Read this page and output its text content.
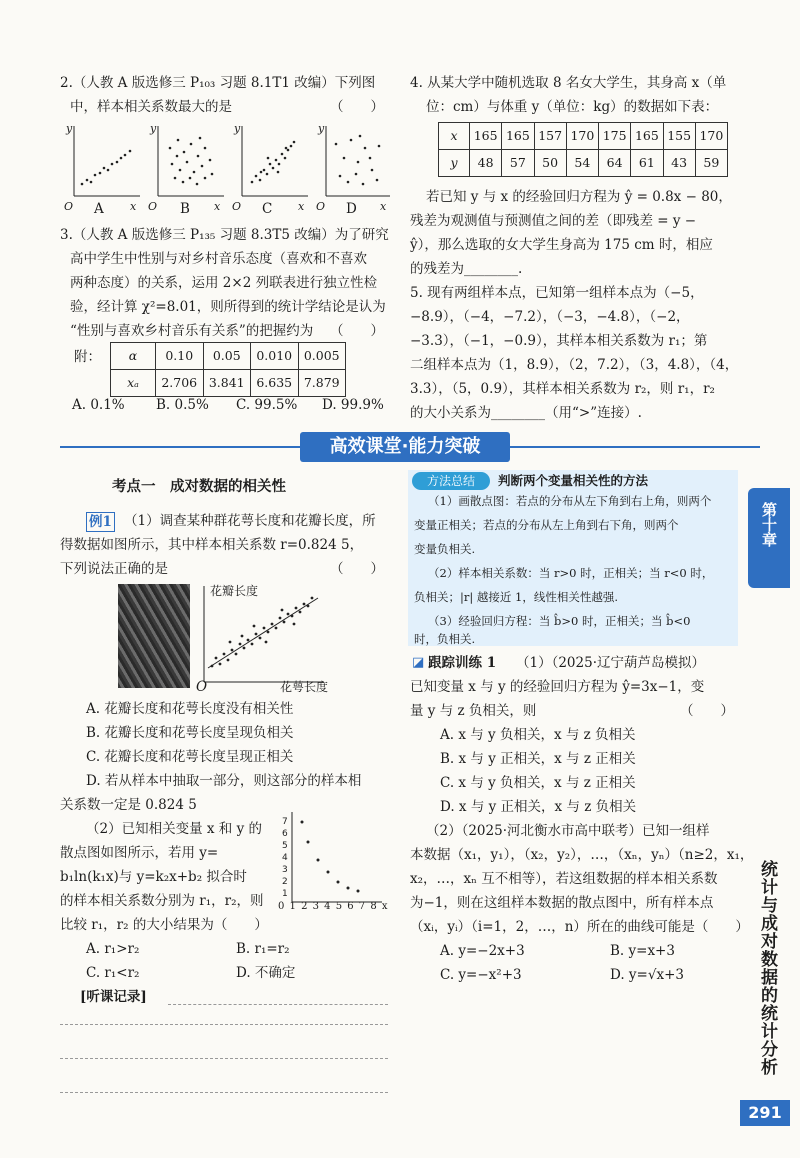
2.（人教 A 版选修三 P₁₀₃ 习题 8.1T1 改编）下列图
中，样本相关系数最大的是	（　　）
y
x
O
y
x
O
y
x
O
y
x
O
A	B	C	D
3.（人教 A 版选修三 P₁₃₅ 习题 8.3T5 改编）为了研究
高中学生中性别与对乡村音乐态度（喜欢和不喜欢
两种态度）的关系，运用 2×2 列联表进行独立性检
验，经计算 χ²=8.01，则所得到的统计学结论是认为
“性别与喜欢乡村音乐有关系”的把握约为 （　　）
附： α	0.10	0.05	0.010	0.005
xₐ	2.706	3.841	6.635	7.879
A. 0.1% B. 0.5% C. 99.5% D. 99.9%
4. 从某大学中随机选取 8 名女大学生，其身高 x（单
位：cm）与体重 y（单位：kg）的数据如下表：
x	165	165	157	170	175	165	155	170
y	48	57	50	54	64	61	43	59
若已知 y 与 x 的经验回归方程为 ŷ = 0.8x − 80，
残差为观测值与预测值之间的差（即残差 = y −
ŷ），那么选取的女大学生身高为 175 cm 时，相应
的残差为________.
5. 现有两组样本点，已知第一组样本点为（−5，
−8.9），（−4，−7.2），（−3，−4.8），（−2，
−3.3），（−1，−0.9），其样本相关系数为 r₁；第
二组样本点为（1，8.9），（2，7.2），（3，4.8），（4，
3.3），（5，0.9），其样本相关系数为 r₂，则 r₁，r₂
的大小关系为________（用“>”连接）.
高效课堂·能力突破
第十章
统计与成对数据的统计分析
291
考点一　成对数据的相关性
例1 （1）调查某种群花萼长度和花瓣长度，所
得数据如图所示，其中样本相关系数 r=0.824 5，
下列说法正确的是	（　　）
花瓣长度
花萼长度
O
A. 花瓣长度和花萼长度没有相关性
B. 花瓣长度和花萼长度呈现负相关
C. 花瓣长度和花萼长度呈现正相关
D. 若从样本中抽取一部分，则这部分的样本相
关系数一定是 0.824 5
（2）已知相关变量 x 和 y 的
散点图如图所示，若用 y=
b₁ln(k₁x)与 y=k₂x+b₂ 拟合时
的样本相关系数分别为 r₁，r₂，则
比较 r₁，r₂ 的大小结果为（　　）
7
6
5
4
3
2
1
0 1 2 3 4 5 6 7 8 x
A. r₁>r₂	B. r₁=r₂
C. r₁<r₂	D. 不确定
[听课记录]
方法总结	判断两个变量相关性的方法
（1）画散点图：若点的分布从左下角到右上角，则两个
变量正相关；若点的分布从左上角到右下角，则两个
变量负相关.
（2）样本相关系数：当 r>0 时，正相关；当 r<0 时，
负相关；|r| 越接近 1，线性相关性越强.
（3）经验回归方程：当 b̂>0 时，正相关；当 b̂<0
时，负相关.
◪ 跟踪训练 1 （1）（2025·辽宁葫芦岛模拟）
已知变量 x 与 y 的经验回归方程为 ŷ=3x−1，变
量 y 与 z 负相关，则	（　　）
A. x 与 y 负相关，x 与 z 负相关
B. x 与 y 正相关，x 与 z 正相关
C. x 与 y 负相关，x 与 z 正相关
D. x 与 y 正相关，x 与 z 负相关
（2）（2025·河北衡水市高中联考）已知一组样
本数据（x₁，y₁），（x₂，y₂），…，（xₙ，yₙ）（n≥2，x₁，
x₂，…，xₙ 互不相等），若这组数据的样本相关系数
为−1，则在这组样本数据的散点图中，所有样本点
（xᵢ，yᵢ）（i=1，2，…，n）所在的曲线可能是（　　）
A. y=−2x+3	B. y=x+3
C. y=−x²+3	D. y=√x+3
